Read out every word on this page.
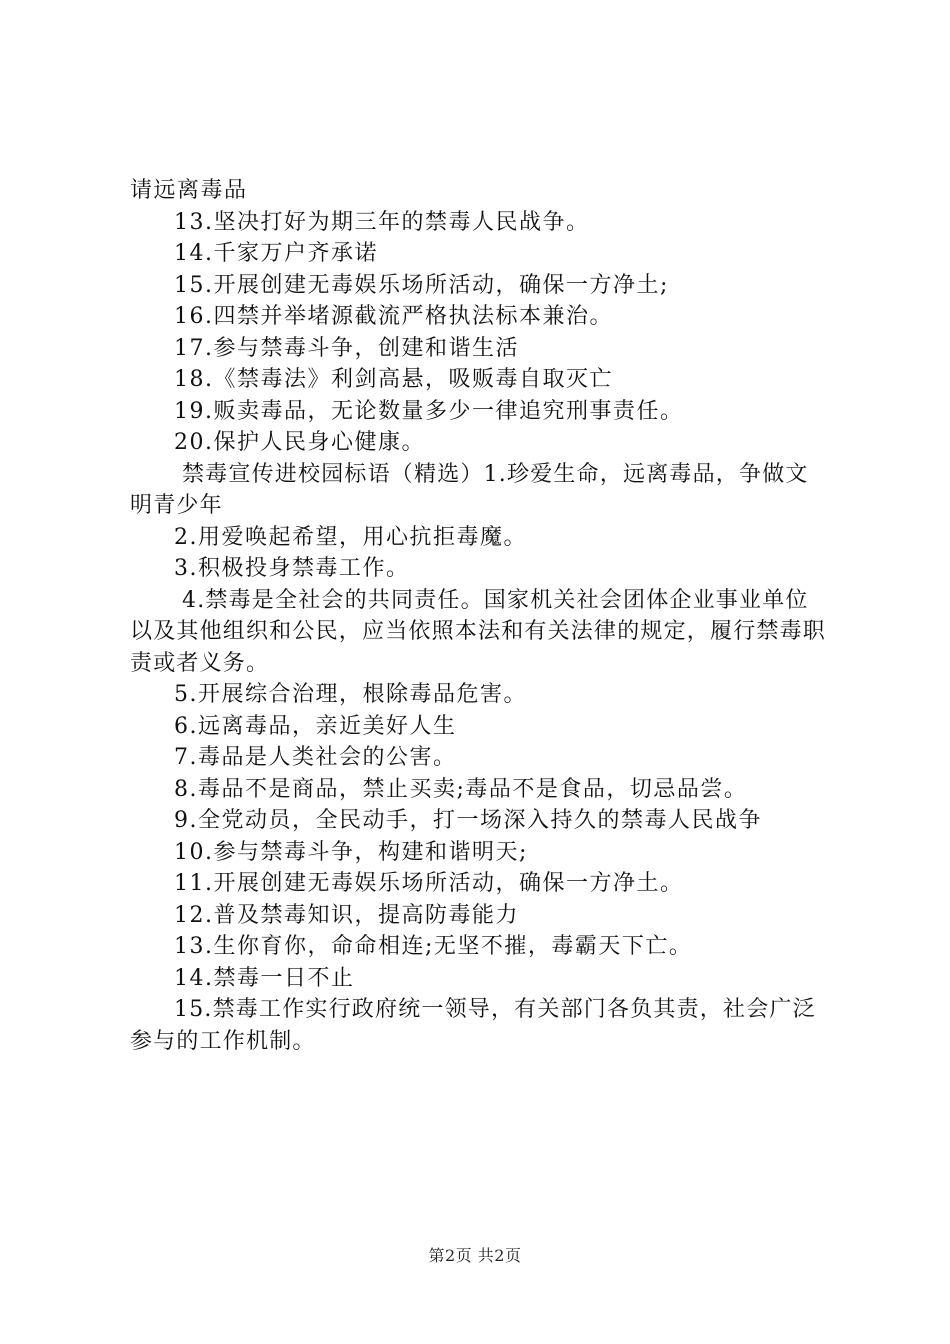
请远离毒品
13.坚决打好为期三年的禁毒人民战争。
14.千家万户齐承诺
15.开展创建无毒娱乐场所活动，确保一方净土;
16.四禁并举堵源截流严格执法标本兼治。
17.参与禁毒斗争，创建和谐生活
18.《禁毒法》利剑高悬，吸贩毒自取灭亡
19.贩卖毒品，无论数量多少一律追究刑事责任。
20.保护人民身心健康。
禁毒宣传进校园标语（精选）1.珍爱生命，远离毒品，争做文明青少年
2.用爱唤起希望，用心抗拒毒魔。
3.积极投身禁毒工作。
4.禁毒是全社会的共同责任。国家机关社会团体企业事业单位以及其他组织和公民，应当依照本法和有关法律的规定，履行禁毒职责或者义务。
5.开展综合治理，根除毒品危害。
6.远离毒品，亲近美好人生
7.毒品是人类社会的公害。
8.毒品不是商品，禁止买卖;毒品不是食品，切忌品尝。
9.全党动员，全民动手，打一场深入持久的禁毒人民战争
10.参与禁毒斗争，构建和谐明天;
11.开展创建无毒娱乐场所活动，确保一方净土。
12.普及禁毒知识，提高防毒能力
13.生你育你，命命相连;无坚不摧，毒霸天下亡。
14.禁毒一日不止
15.禁毒工作实行政府统一领导，有关部门各负其责，社会广泛参与的工作机制。
第2页 共2页
